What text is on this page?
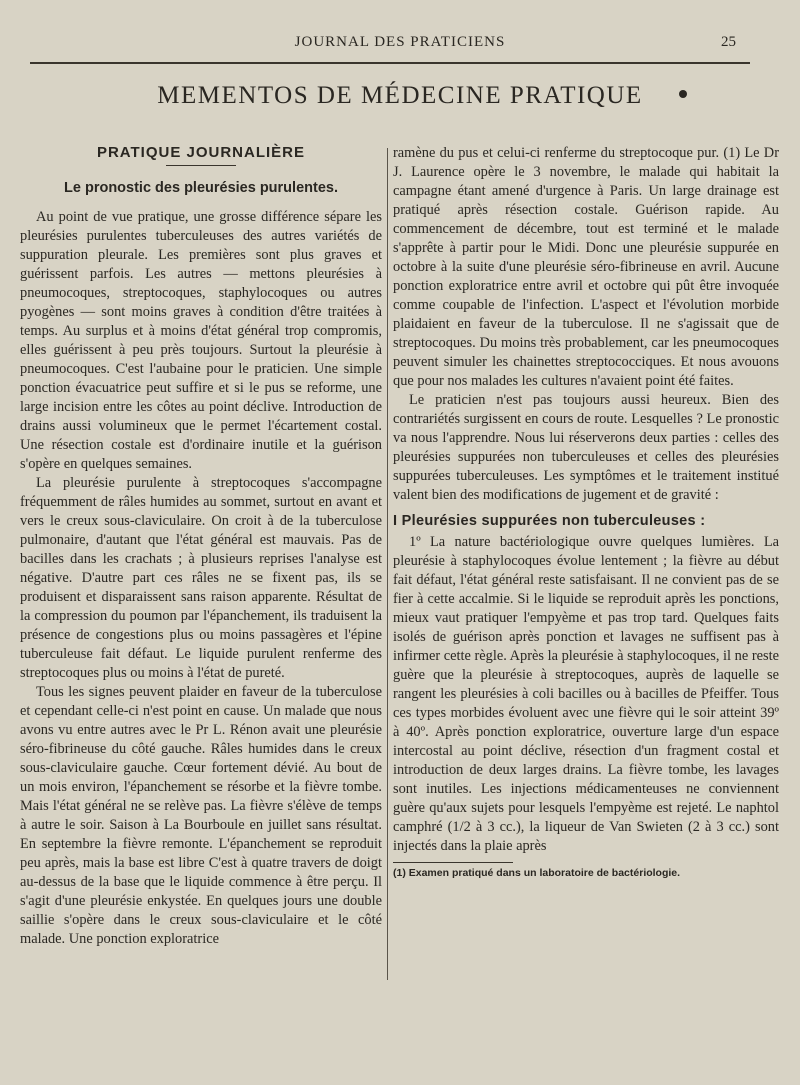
JOURNAL DES PRATICIENS	25
MEMENTOS DE MÉDECINE PRATIQUE
PRATIQUE JOURNALIÈRE
Le pronostic des pleurésies purulentes.

Au point de vue pratique, une grosse différence sépare les pleurésies purulentes tuberculeuses des autres variétés de suppuration pleurale. Les premières sont plus graves et guérissent parfois. Les autres — mettons pleurésies à pneumocoques, streptocoques, staphylocoques ou autres pyogènes — sont moins graves à condition d'être traitées à temps. Au surplus et à moins d'état général trop compromis, elles guérissent à peu près toujours. Surtout la pleurésie à pneumocoques. C'est l'aubaine pour le praticien. Une simple ponction évacuatrice peut suffire et si le pus se reforme, une large incision entre les côtes au point déclive. Introduction de drains aussi volumineux que le permet l'écartement costal. Une résection costale est d'ordinaire inutile et la guérison s'opère en quelques semaines.

La pleurésie purulente à streptocoques s'accompagne fréquemment de râles humides au sommet, surtout en avant et vers le creux sous-claviculaire. On croit à de la tuberculose pulmonaire, d'autant que l'état général est mauvais. Pas de bacilles dans les crachats ; à plusieurs reprises l'analyse est négative. D'autre part ces râles ne se fixent pas, ils se produisent et disparaissent sans raison apparente. Résultat de la compression du poumon par l'épanchement, ils traduisent la présence de congestions plus ou moins passagères et l'épine tuberculeuse fait défaut. Le liquide purulent renferme des streptocoques plus ou moins à l'état de pureté.

Tous les signes peuvent plaider en faveur de la tuberculose et cependant celle-ci n'est point en cause. Un malade que nous avons vu entre autres avec le Pr L. Rénon avait une pleurésie séro-fibrineuse du côté gauche. Râles humides dans le creux sous-claviculaire gauche. Cœur fortement dévié. Au bout de un mois environ, l'épanchement se résorbe et la fièvre tombe. Mais l'état général ne se relève pas. La fièvre s'élève de temps à autre le soir. Saison à La Bourboule en juillet sans résultat. En septembre la fièvre remonte. L'épanchement se reproduit peu après, mais la base est libre C'est à quatre travers de doigt au-dessus de la base que le liquide commence à être perçu. Il s'agit d'une pleurésie enkystée. En quelques jours une double saillie s'opère dans le creux sous-claviculaire et le côté malade. Une ponction exploratrice

ramène du pus et celui-ci renferme du streptocoque pur. (1) Le Dr J. Laurence opère le 3 novembre, le malade qui habitait la campagne étant amené d'urgence à Paris. Un large drainage est pratiqué après résection costale. Guérison rapide. Au commencement de décembre, tout est terminé et le malade s'apprête à partir pour le Midi. Donc une pleurésie suppurée en octobre à la suite d'une pleurésie séro-fibrineuse en avril. Aucune ponction exploratrice entre avril et octobre qui pût être invoquée comme coupable de l'infection. L'aspect et l'évolution morbide plaidaient en faveur de la tuberculose. Il ne s'agissait que de streptocoques. Du moins très probablement, car les pneumocoques peuvent simuler les chainettes streptococciques. Et nous avouons que pour nos malades les cultures n'avaient point été faites.

Le praticien n'est pas toujours aussi heureux. Bien des contrariétés surgissent en cours de route. Lesquelles ? Le pronostic va nous l'apprendre. Nous lui réserverons deux parties : celles des pleurésies suppurées non tuberculeuses et celles des pleurésies suppurées tuberculeuses. Les symptômes et le traitement institué valent bien des modifications de jugement et de gravité :

I Pleurésies suppurées non tuberculeuses :

1º La nature bactériologique ouvre quelques lumières. La pleurésie à staphylocoques évolue lentement ; la fièvre au début fait défaut, l'état général reste satisfaisant. Il ne convient pas de se fier à cette accalmie. Si le liquide se reproduit après les ponctions, mieux vaut pratiquer l'empyème et pas trop tard. Quelques faits isolés de guérison après ponction et lavages ne suffisent pas à infirmer cette règle. Après la pleurésie à staphylocoques, il ne reste guère que la pleurésie à streptocoques, auprès de laquelle se rangent les pleurésies à coli bacilles ou à bacilles de Pfeiffer. Tous ces types morbides évoluent avec une fièvre qui le soir atteint 39º à 40º. Après ponction exploratrice, ouverture large d'un espace intercostal au point déclive, résection d'un fragment costal et introduction de deux larges drains. La fièvre tombe, les lavages sont inutiles. Les injections médicamenteuses ne conviennent guère qu'aux sujets pour lesquels l'empyème est rejeté. Le naphtol camphré (1/2 à 3 cc.), la liqueur de Van Swieten (2 à 3 cc.) sont injectés dans la plaie après

(1) Examen pratiqué dans un laboratoire de bactériologie.
